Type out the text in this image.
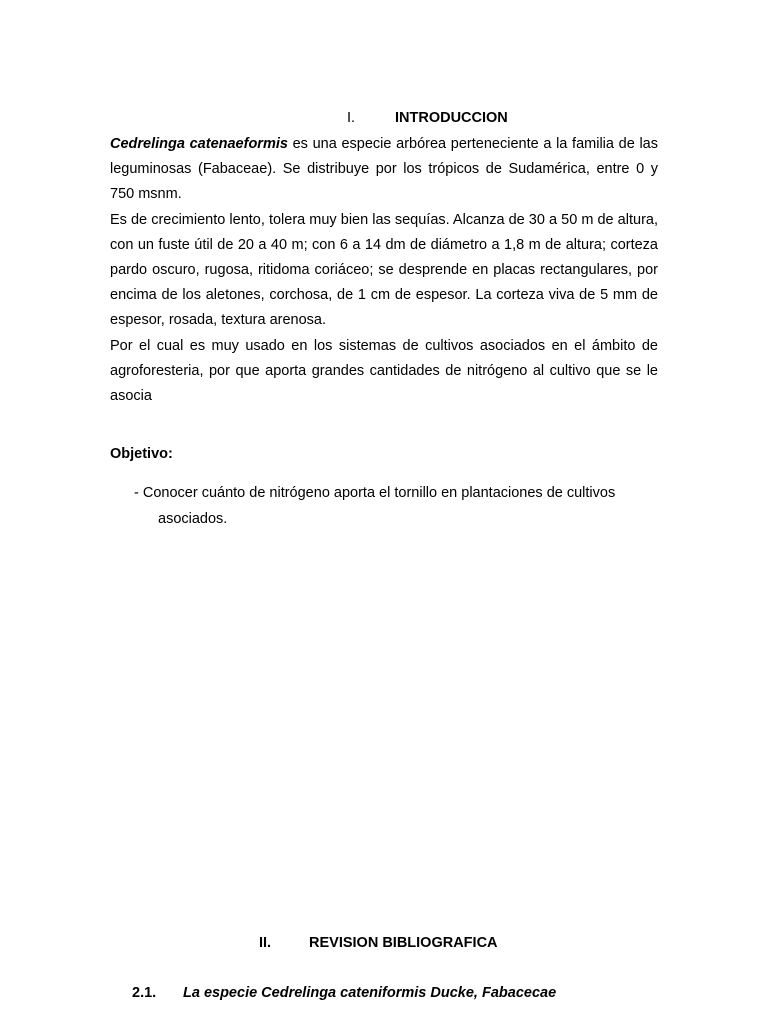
I.	INTRODUCCION

Cedrelinga catenaeformis es una especie arbórea perteneciente a la familia de las leguminosas (Fabaceae). Se distribuye por los trópicos de Sudamérica, entre 0 y 750 msnm.

Es de crecimiento lento, tolera muy bien las sequías. Alcanza de 30 a 50 m de altura, con un fuste útil de 20 a 40 m; con 6 a 14 dm de diámetro a 1,8 m de altura; corteza pardo oscuro, rugosa, ritidoma coriáceo; se desprende en placas rectangulares, por encima de los aletones, corchosa, de 1 cm de espesor. La corteza viva de 5 mm de espesor, rosada, textura arenosa.

Por el cual es muy usado en los sistemas de cultivos asociados en el ámbito de agroforesteria, por que aporta grandes cantidades de nitrógeno al cultivo que se le asocia

Objetivo:
- Conocer cuánto de nitrógeno aporta el tornillo en plantaciones de cultivos
asociados.
II.	REVISION BIBLIOGRAFICA
2.1. La especie Cedrelinga cateniformis Ducke, Fabacecae
